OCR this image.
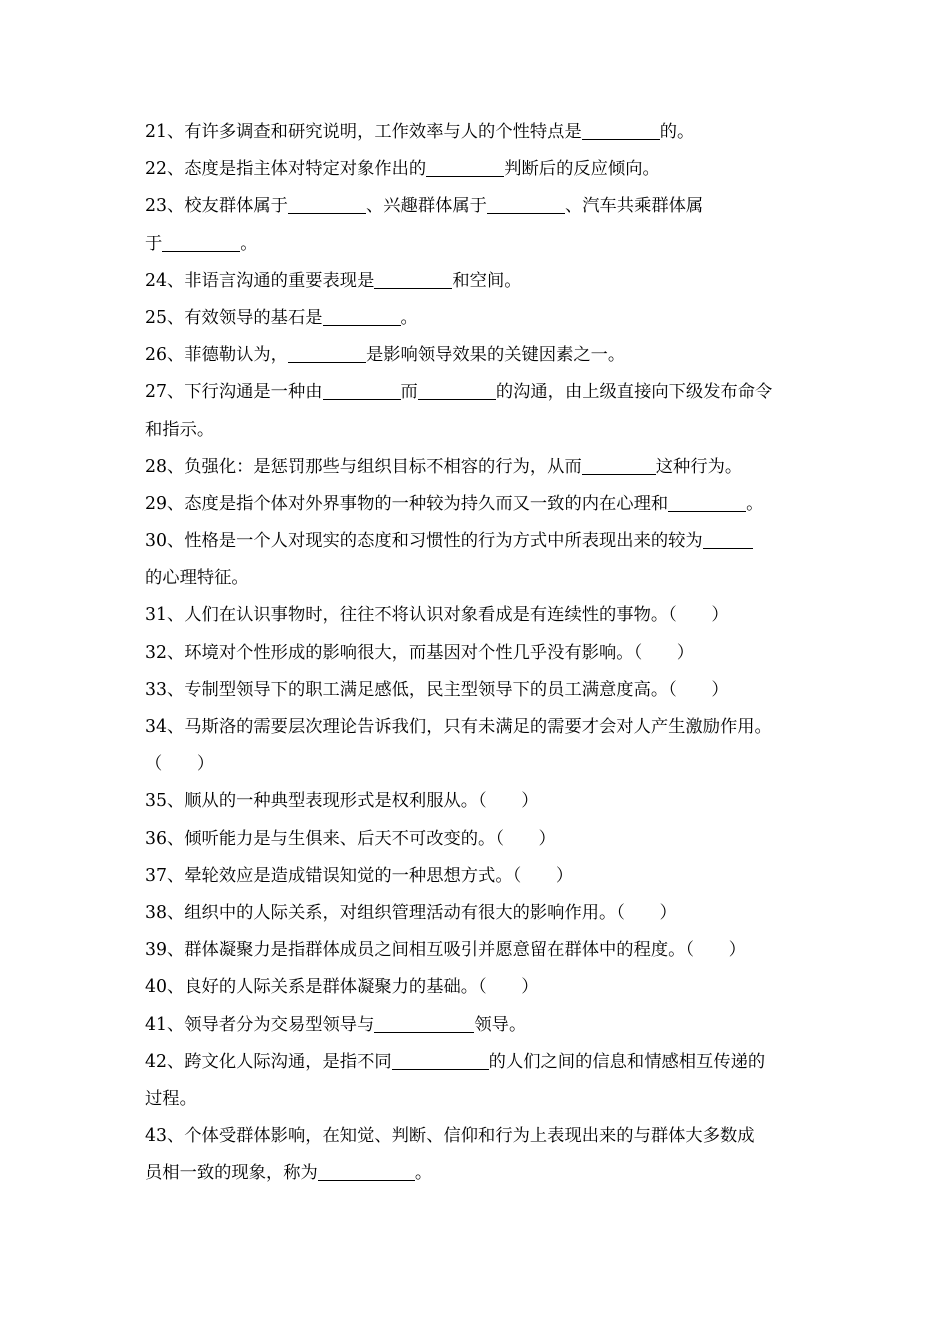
21、有许多调查和研究说明，工作效率与人的个性特点是	的。
22、态度是指主体对特定对象作出的	判断后的反应倾向。
23、校友群体属于	、兴趣群体属于	、汽车共乘群体属
于	。
24、非语言沟通的重要表现是	和空间。
25、有效领导的基石是	。
26、菲德勒认为，	是影响领导效果的关键因素之一。
27、下行沟通是一种由	而	的沟通，由上级直接向下级发布命令
和指示。
28、负强化：是惩罚那些与组织目标不相容的行为，从而	这种行为。
29、态度是指个体对外界事物的一种较为持久而又一致的内在心理和	。
30、性格是一个人对现实的态度和习惯性的行为方式中所表现出来的较为
的心理特征。
31、人们在认识事物时，往往不将认识对象看成是有连续性的事物。（　　）
32、环境对个性形成的影响很大，而基因对个性几乎没有影响。（　　）
33、专制型领导下的职工满足感低，民主型领导下的员工满意度高。（　　）
34、马斯洛的需要层次理论告诉我们，只有未满足的需要才会对人产生激励作用。
（　　）
35、顺从的一种典型表现形式是权利服从。（　　）
36、倾听能力是与生俱来、后天不可改变的。（　　）
37、晕轮效应是造成错误知觉的一种思想方式。（　　）
38、组织中的人际关系，对组织管理活动有很大的影响作用。（　　）
39、群体凝聚力是指群体成员之间相互吸引并愿意留在群体中的程度。（　　）
40、良好的人际关系是群体凝聚力的基础。（　　）
41、领导者分为交易型领导与	领导。
42、跨文化人际沟通，是指不同	的人们之间的信息和情感相互传递的
过程。
43、个体受群体影响，在知觉、判断、信仰和行为上表现出来的与群体大多数成
员相一致的现象，称为	。
